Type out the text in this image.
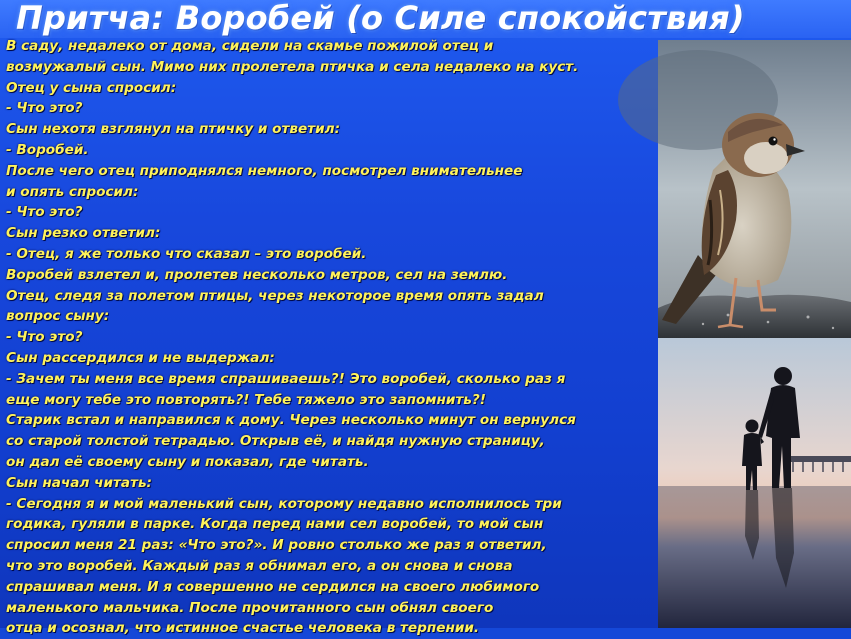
Притча: Воробей (о Силе спокойствия)
В саду, недалеко от дома, сидели на скамье пожилой отец и
возмужалый сын. Мимо них пролетела птичка и села недалеко на куст.
Отец у сына спросил:
- Что это?
Сын нехотя взглянул на птичку и ответил:
- Воробей.
После чего отец приподнялся немного, посмотрел внимательнее
и опять спросил:
- Что это?
Сын резко ответил:
- Отец, я же только что сказал – это воробей.
Воробей взлетел и, пролетев несколько метров, сел на землю.
Отец, следя за полетом птицы, через некоторое время опять задал
вопрос сыну:
- Что это?
Сын рассердился и не выдержал:
- Зачем ты меня все время спрашиваешь?! Это воробей, сколько раз я
еще могу тебе это повторять?! Тебе тяжело это запомнить?!
Старик встал и направился к дому. Через несколько минут он вернулся
со старой толстой тетрадью. Открыв её, и найдя нужную страницу,
он дал её своему сыну и показал, где читать.
Сын начал читать:
- Сегодня я и мой маленький сын, которому недавно исполнилось три
годика, гуляли в парке. Когда перед нами сел воробей, то мой сын
спросил меня 21 раз: «Что это?». И ровно столько же раз я ответил,
что это воробей. Каждый раз я обнимал его, а он снова и снова
спрашивал меня. И я совершенно не сердился на своего любимого
маленького мальчика. После прочитанного сын обнял своего
отца и осознал, что истинное счастье человека в терпении.
